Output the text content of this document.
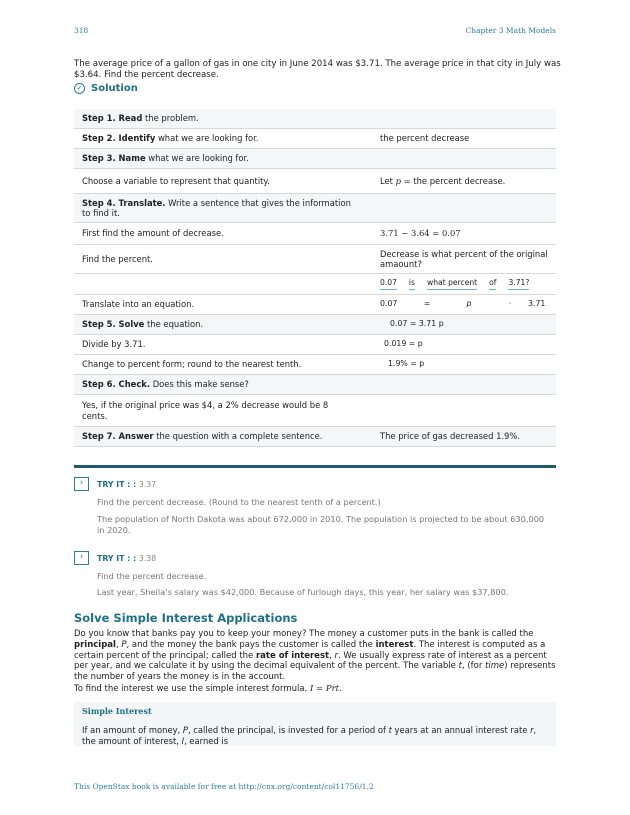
318	Chapter 3 Math Models
The average price of a gallon of gas in one city in June 2014 was $3.71. The average price in that city in July was $3.64. Find the percent decrease.
✓ Solution
Step 1. Read the problem.	
Step 2. Identify what we are looking for.	the percent decrease
Step 3. Name what we are looking for.	
Choose a variable to represent that quantity.	Let p = the percent decrease.
Step 4. Translate. Write a sentence that gives the information to find it.	
First find the amount of decrease.	3.71 − 3.64 = 0.07
Find the percent.	Decrease is what percent of the original amaount?

	0.07 is what percent of 3.71?

Translate into an equation.	0.07 = p · 3.71

Step 5. Solve the equation.	0.07 = 3.71 p
Divide by 3.71.	0.019 = p
Change to percent form; round to the nearest tenth.	1.9% = p
Step 6. Check. Does this make sense?	
Yes, if the original price was $4, a 2% decrease would be 8 cents.	
Step 7. Answer the question with a complete sentence.	The price of gas decreased 1.9%.
›	TRY IT : : 3.37
Find the percent decrease. (Round to the nearest tenth of a percent.)
The population of North Dakota was about 672,000 in 2010. The population is projected to be about 630,000 in 2020.
›	TRY IT : : 3.38
Find the percent decrease.
Last year, Sheila’s salary was $42,000. Because of furlough days, this year, her salary was $37,800.
Solve Simple Interest Applications
Do you know that banks pay you to keep your money? The money a customer puts in the bank is called the principal, P, and the money the bank pays the customer is called the interest. The interest is computed as a certain percent of the principal; called the rate of interest, r. We usually express rate of interest as a percent per year, and we calculate it by using the decimal equivalent of the percent. The variable t, (for time) represents the number of years the money is in the account.
To find the interest we use the simple interest formula, I = Prt.
Simple Interest
If an amount of money, P, called the principal, is invested for a period of t years at an annual interest rate r, the amount of interest, I, earned is
This OpenStax book is available for free at http://cnx.org/content/col11756/1.2
